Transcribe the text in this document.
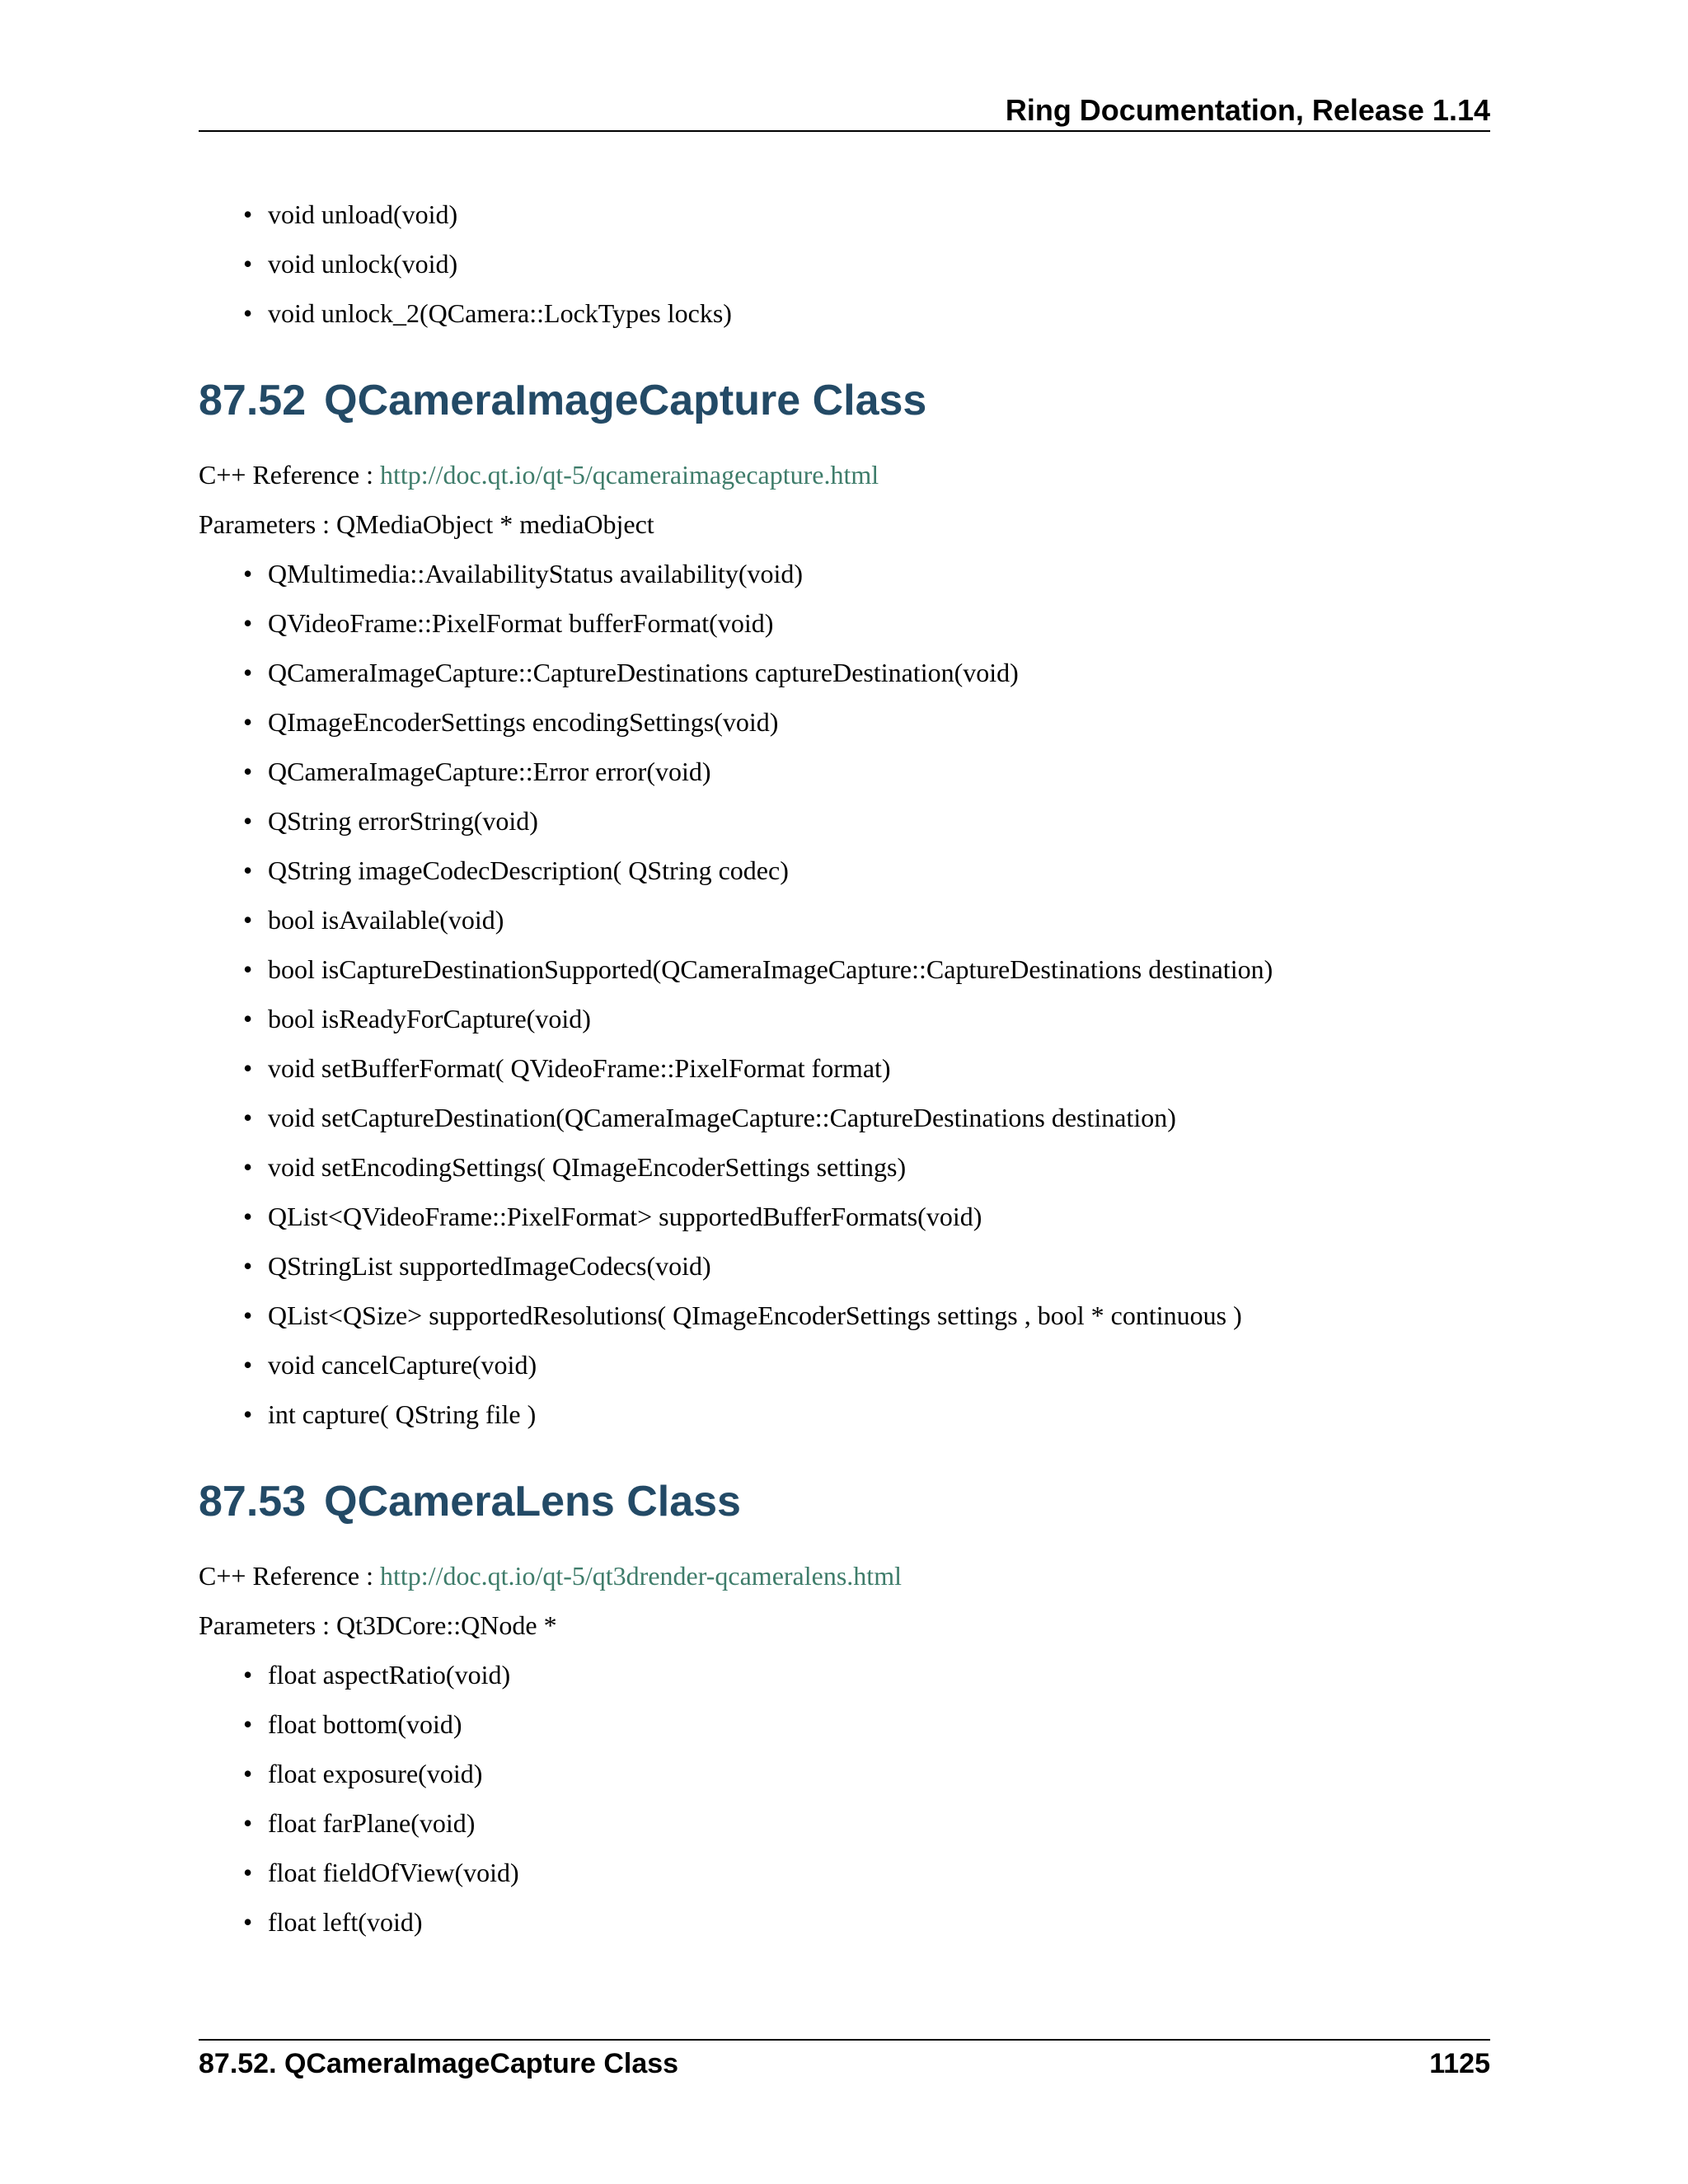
Ring Documentation, Release 1.14
• void unload(void)
• void unlock(void)
• void unlock_2(QCamera::LockTypes locks)
87.52 QCameraImageCapture Class

C++ Reference : http://doc.qt.io/qt-5/qcameraimagecapture.html

Parameters : QMediaObject * mediaObject

• QMultimedia::AvailabilityStatus availability(void)
• QVideoFrame::PixelFormat bufferFormat(void)
• QCameraImageCapture::CaptureDestinations captureDestination(void)
• QImageEncoderSettings encodingSettings(void)
• QCameraImageCapture::Error error(void)
• QString errorString(void)
• QString imageCodecDescription( QString codec)
• bool isAvailable(void)
• bool isCaptureDestinationSupported(QCameraImageCapture::CaptureDestinations destination)
• bool isReadyForCapture(void)
• void setBufferFormat( QVideoFrame::PixelFormat format)
• void setCaptureDestination(QCameraImageCapture::CaptureDestinations destination)
• void setEncodingSettings( QImageEncoderSettings settings)
• QList<QVideoFrame::PixelFormat> supportedBufferFormats(void)
• QStringList supportedImageCodecs(void)
• QList<QSize> supportedResolutions( QImageEncoderSettings settings , bool * continuous )
• void cancelCapture(void)
• int capture( QString file )
87.53 QCameraLens Class

C++ Reference : http://doc.qt.io/qt-5/qt3drender-qcameralens.html

Parameters : Qt3DCore::QNode *

• float aspectRatio(void)
• float bottom(void)
• float exposure(void)
• float farPlane(void)
• float fieldOfView(void)
• float left(void)
87.52. QCameraImageCapture Class	1125
